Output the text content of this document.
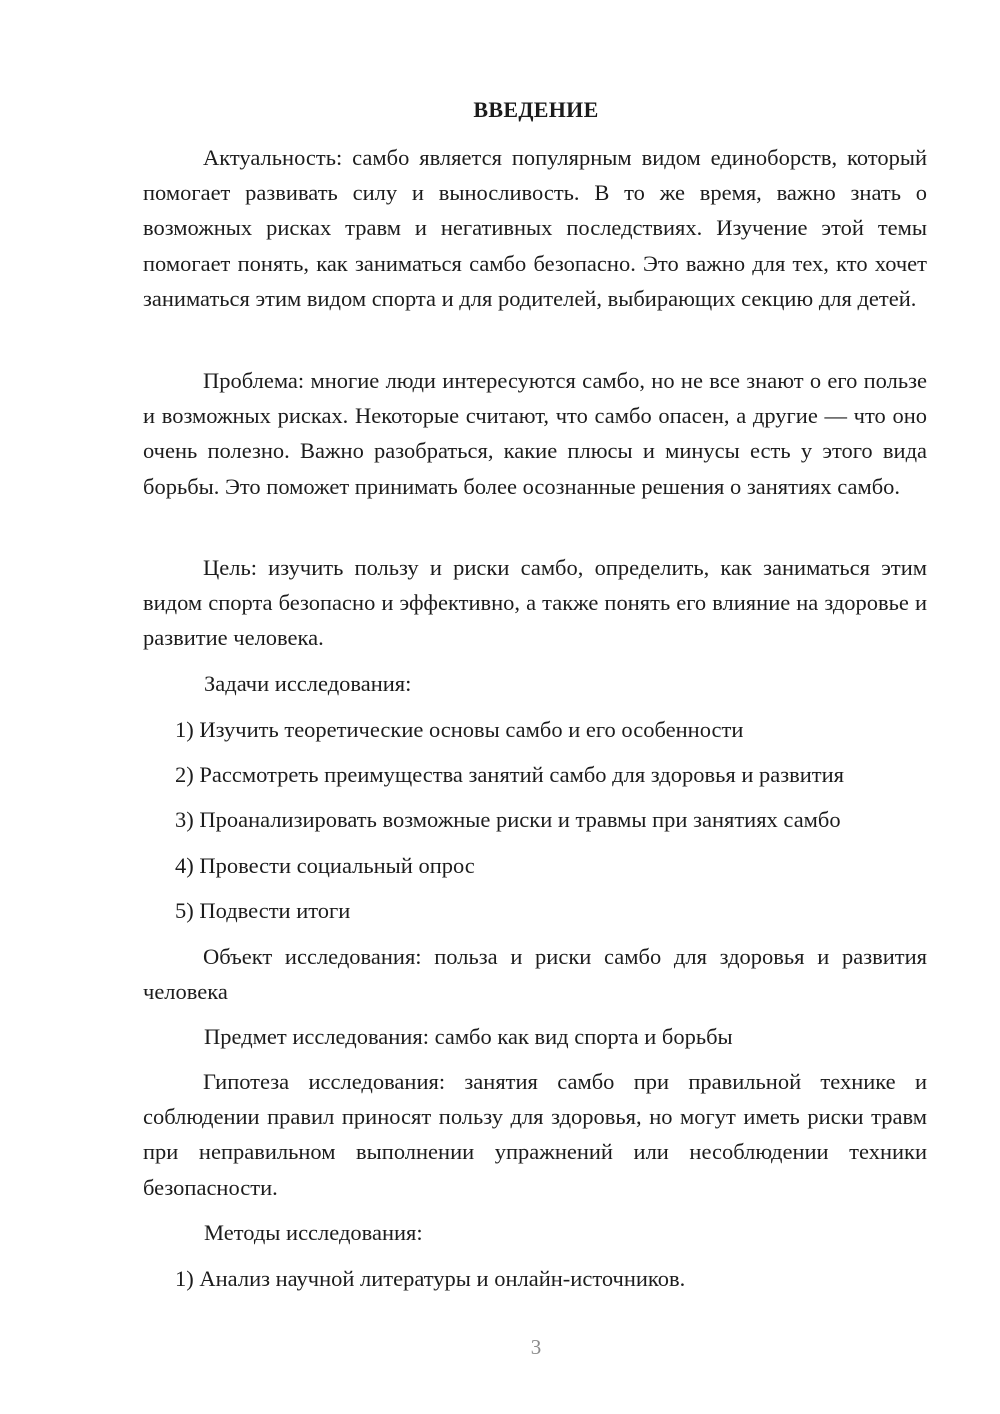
ВВЕДЕНИЕ

Актуальность: самбо является популярным видом единоборств, который помогает развивать силу и выносливость. В то же время, важно знать о возможных рисках травм и негативных последствиях. Изучение этой темы помогает понять, как заниматься самбо безопасно. Это важно для тех, кто хочет заниматься этим видом спорта и для родителей, выбирающих секцию для детей.

Проблема: многие люди интересуются самбо, но не все знают о его пользе и возможных рисках. Некоторые считают, что самбо опасен, а другие — что оно очень полезно. Важно разобраться, какие плюсы и минусы есть у этого вида борьбы. Это поможет принимать более осознанные решения о занятиях самбо.

Цель: изучить пользу и риски самбо, определить, как заниматься этим видом спорта безопасно и эффективно, а также понять его влияние на здоровье и развитие человека.

Задачи исследования:

1) Изучить теоретические основы самбо и его особенности

2) Рассмотреть преимущества занятий самбо для здоровья и развития

3) Проанализировать возможные риски и травмы при занятиях самбо

4) Провести социальный опрос

5) Подвести итоги

Объект исследования: польза и риски самбо для здоровья и развития человека

Предмет исследования: самбо как вид спорта и борьбы

Гипотеза исследования: занятия самбо при правильной технике и соблюдении правил приносят пользу для здоровья, но могут иметь риски травм при неправильном выполнении упражнений или несоблюдении техники безопасности.

Методы исследования:

1) Анализ научной литературы и онлайн-источников.

3
